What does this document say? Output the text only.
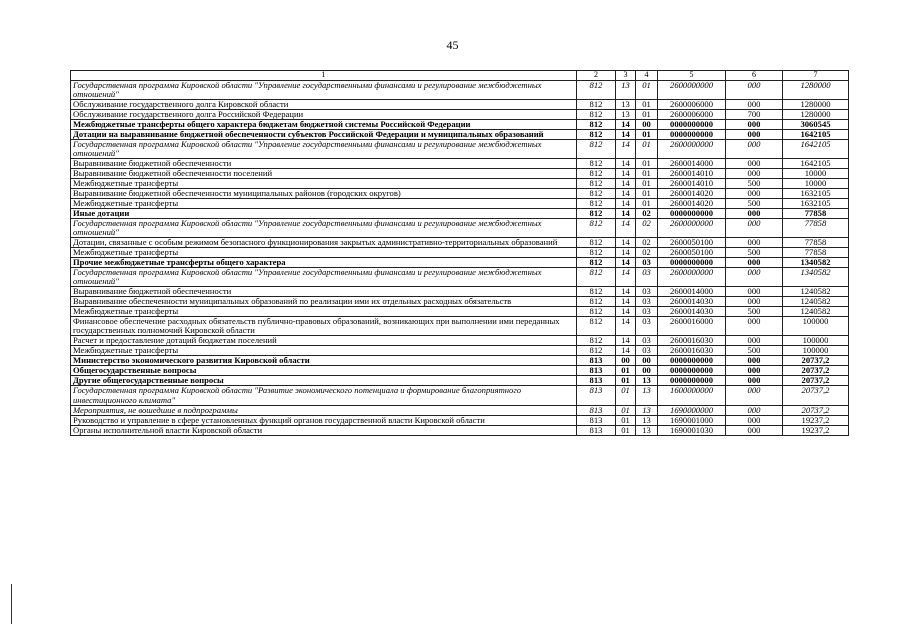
45
1	2	3	4	5	6	7
Государственная программа Кировской области "Управление государственными финансами и регулирование межбюджетных отношений"	812	13	01	2600000000	000	1280000
Обслуживание государственного долга Кировской области	812	13	01	2600006000	000	1280000
Обслуживание государственного долга Российской Федерации	812	13	01	2600006000	700	1280000
Межбюджетные трансферты общего характера бюджетам бюджетной системы Российской Федерации	812	14	00	0000000000	000	3060545
Дотации на выравнивание бюджетной обеспеченности субъектов Российской Федерации и муниципальных образований	812	14	01	0000000000	000	1642105
Государственная программа Кировской области "Управление государственными финансами и регулирование межбюджетных отношений"	812	14	01	2600000000	000	1642105
Выравнивание бюджетной обеспеченности	812	14	01	2600014000	000	1642105
Выравнивание бюджетной обеспеченности поселений	812	14	01	2600014010	000	10000
Межбюджетные трансферты	812	14	01	2600014010	500	10000
Выравнивание бюджетной обеспеченности муниципальных районов (городских округов)	812	14	01	2600014020	000	1632105
Межбюджетные трансферты	812	14	01	2600014020	500	1632105
Иные дотации	812	14	02	0000000000	000	77858
Государственная программа Кировской области "Управление государственными финансами и регулирование межбюджетных отношений"	812	14	02	2600000000	000	77858
Дотации, связанные с особым режимом безопасного функционирования закрытых административно-территориальных образований	812	14	02	2600050100	000	77858
Межбюджетные трансферты	812	14	02	2600050100	500	77858
Прочие межбюджетные трансферты общего характера	812	14	03	0000000000	000	1340582
Государственная программа Кировской области "Управление государственными финансами и регулирование межбюджетных отношений"	812	14	03	2600000000	000	1340582
Выравнивание бюджетной обеспеченности	812	14	03	2600014000	000	1240582
Выравнивание обеспеченности муниципальных образований по реализации ими их отдельных расходных обязательств	812	14	03	2600014030	000	1240582
Межбюджетные трансферты	812	14	03	2600014030	500	1240582
Финансовое обеспечение расходных обязательств публично-правовых образований, возникающих при выполнении ими переданных государственных полномочий Кировской области	812	14	03	2600016000	000	100000
Расчет и предоставление дотаций бюджетам поселений	812	14	03	2600016030	000	100000
Межбюджетные трансферты	812	14	03	2600016030	500	100000
Министерство экономического развития Кировской области	813	00	00	0000000000	000	20737,2
Общегосударственные вопросы	813	01	00	0000000000	000	20737,2
Другие общегосударственные вопросы	813	01	13	0000000000	000	20737,2
Государственная программа Кировской области "Развитие экономического потенциала и формирование благоприятного инвестиционного климата"	813	01	13	1600000000	000	20737,2
Мероприятия, не вошедшие в подпрограммы	813	01	13	1690000000	000	20737,2
Руководство и управление в сфере установленных функций органов государственной власти Кировской области	813	01	13	1690001000	000	19237,2
Органы исполнительной власти Кировской области	813	01	13	1690001030	000	19237,2
